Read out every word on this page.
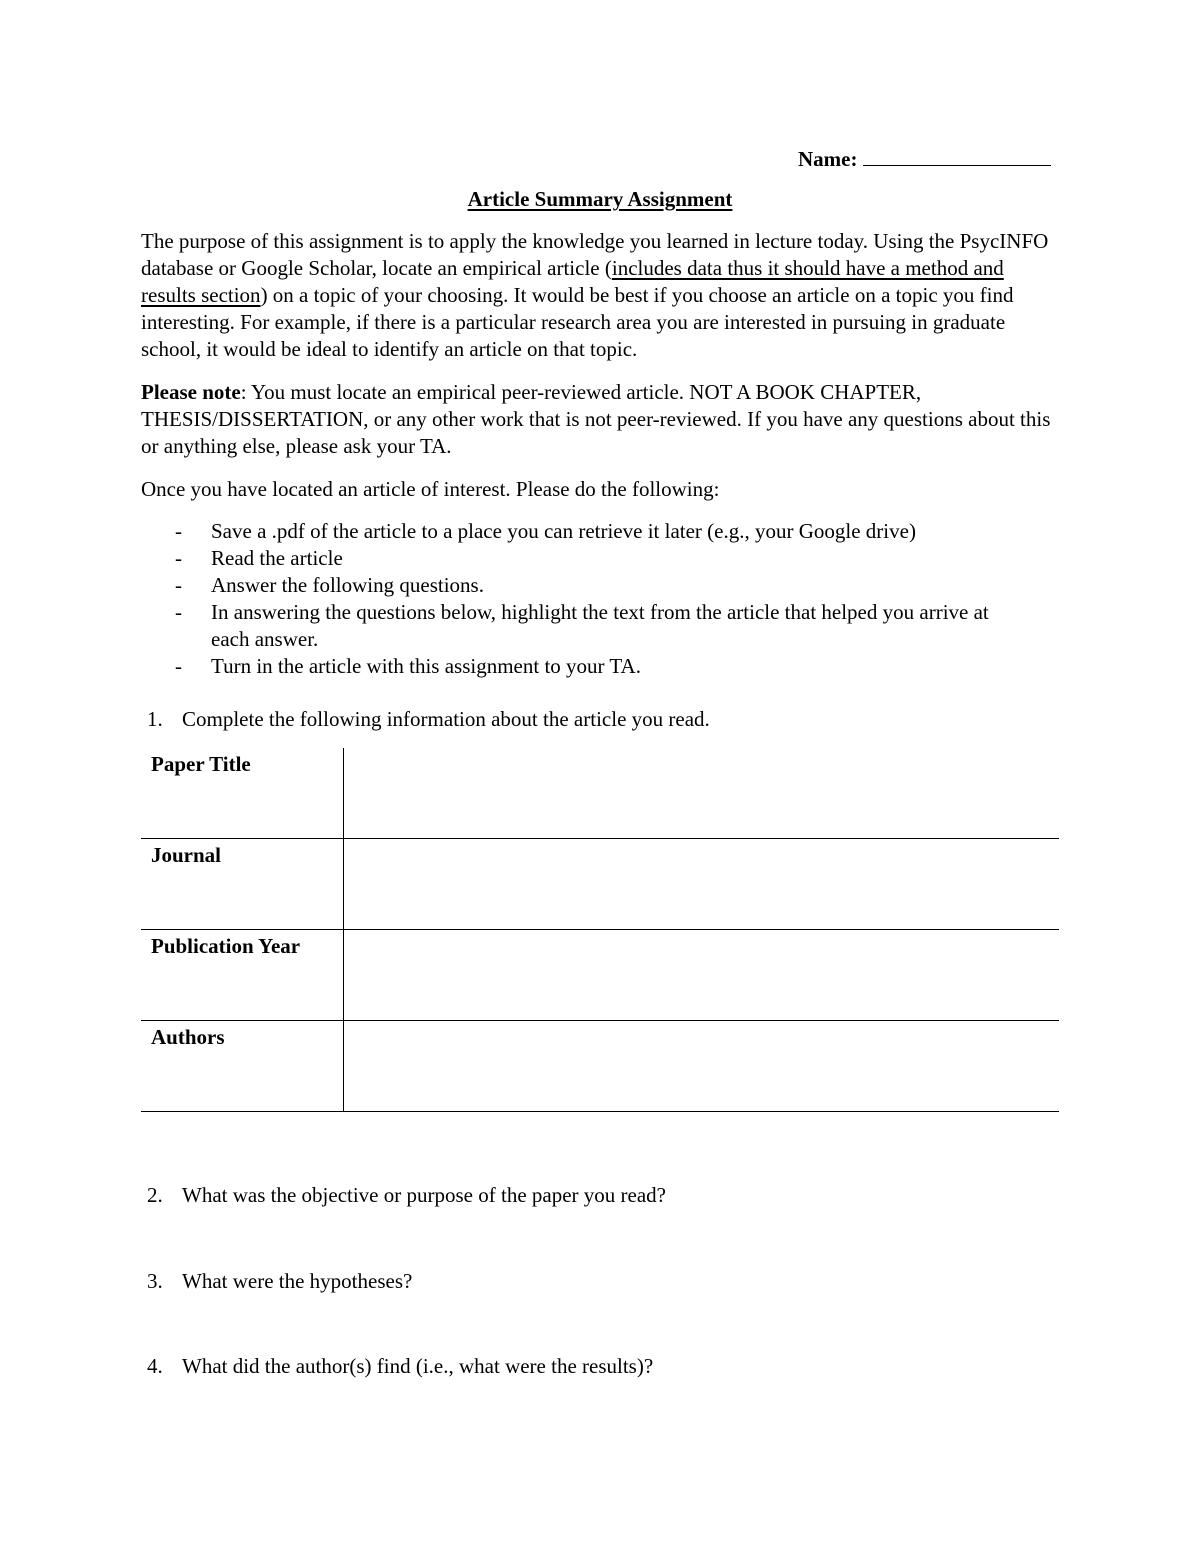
Name:
Article Summary Assignment

The purpose of this assignment is to apply the knowledge you learned in lecture today. Using the PsycINFO database or Google Scholar, locate an empirical article (includes data thus it should have a method and results section) on a topic of your choosing. It would be best if you choose an article on a topic you find interesting. For example, if there is a particular research area you are interested in pursuing in graduate school, it would be ideal to identify an article on that topic.

Please note: You must locate an empirical peer-reviewed article. NOT A BOOK CHAPTER, THESIS/DISSERTATION, or any other work that is not peer-reviewed. If you have any questions about this or anything else, please ask your TA.

Once you have located an article of interest. Please do the following:

- Save a .pdf of the article to a place you can retrieve it later (e.g., your Google drive)
- Read the article
- Answer the following questions.
- In answering the questions below, highlight the text from the article that helped you arrive at each answer.
- Turn in the article with this assignment to your TA.
1. Complete the following information about the article you read.
Paper Title	
Journal	
Publication Year	
Authors	
2. What was the objective or purpose of the paper you read?
3. What were the hypotheses?
4. What did the author(s) find (i.e., what were the results)?
